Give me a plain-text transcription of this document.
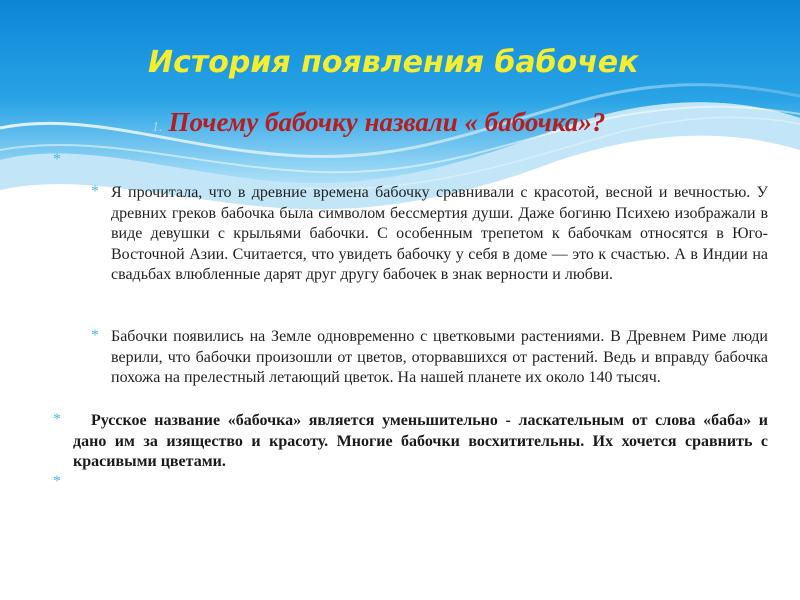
История появления бабочек
1. Почему бабочку назвали « бабочка»?
*
* Я прочитала, что в древние времена бабочку сравнивали с красотой, весной и вечностью. У древних греков бабочка была символом бессмертия души. Даже богиню Психею изображали в виде девушки с крыльями бабочки. С особенным трепетом к бабочкам относятся в Юго-Восточной Азии. Считается, что увидеть бабочку у себя в доме — это к счастью. А в Индии на свадьбах влюбленные дарят друг другу бабочек в знак верности и любви.

* Бабочки появились на Земле одновременно с цветковыми растениями. В Древнем Риме люди верили, что бабочки произошли от цветов, оторвавшихся от растений. Ведь и вправду бабочка похожа на прелестный летающий цветок. На нашей планете их около 140 тысяч.

*	Русское название «бабочка» является уменьшительно - ласкательным от слова «баба» и дано им за изящество и красоту. Многие бабочки восхитительны. Их хочется сравнить с красивыми цветами.

*
